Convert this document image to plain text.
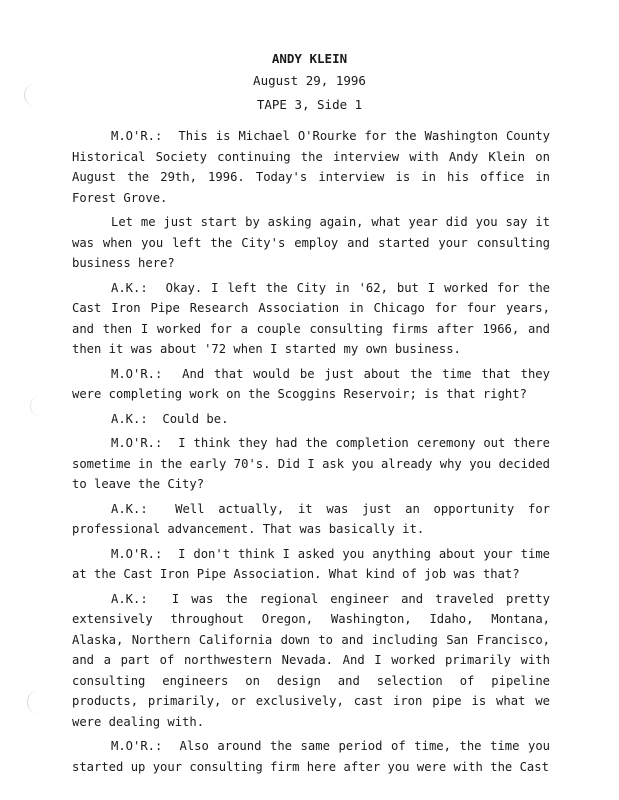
ANDY KLEIN
August 29, 1996
TAPE 3, Side 1

M.O'R.: This is Michael O'Rourke for the Washington County Historical Society continuing the interview with Andy Klein on August the 29th, 1996. Today's interview is in his office in Forest Grove.

Let me just start by asking again, what year did you say it was when you left the City's employ and started your consulting business here?

A.K.: Okay. I left the City in '62, but I worked for the Cast Iron Pipe Research Association in Chicago for four years, and then I worked for a couple consulting firms after 1966, and then it was about '72 when I started my own business.

M.O'R.: And that would be just about the time that they were completing work on the Scoggins Reservoir; is that right?

A.K.: Could be.

M.O'R.: I think they had the completion ceremony out there sometime in the early 70's. Did I ask you already why you decided to leave the City?

A.K.: Well actually, it was just an opportunity for professional advancement. That was basically it.

M.O'R.: I don't think I asked you anything about your time at the Cast Iron Pipe Association. What kind of job was that?

A.K.: I was the regional engineer and traveled pretty extensively throughout Oregon, Washington, Idaho, Montana, Alaska, Northern California down to and including San Francisco, and a part of northwestern Nevada. And I worked primarily with consulting engineers on design and selection of pipeline products, primarily, or exclusively, cast iron pipe is what we were dealing with.

M.O'R.: Also around the same period of time, the time you started up your consulting firm here after you were with the Cast
